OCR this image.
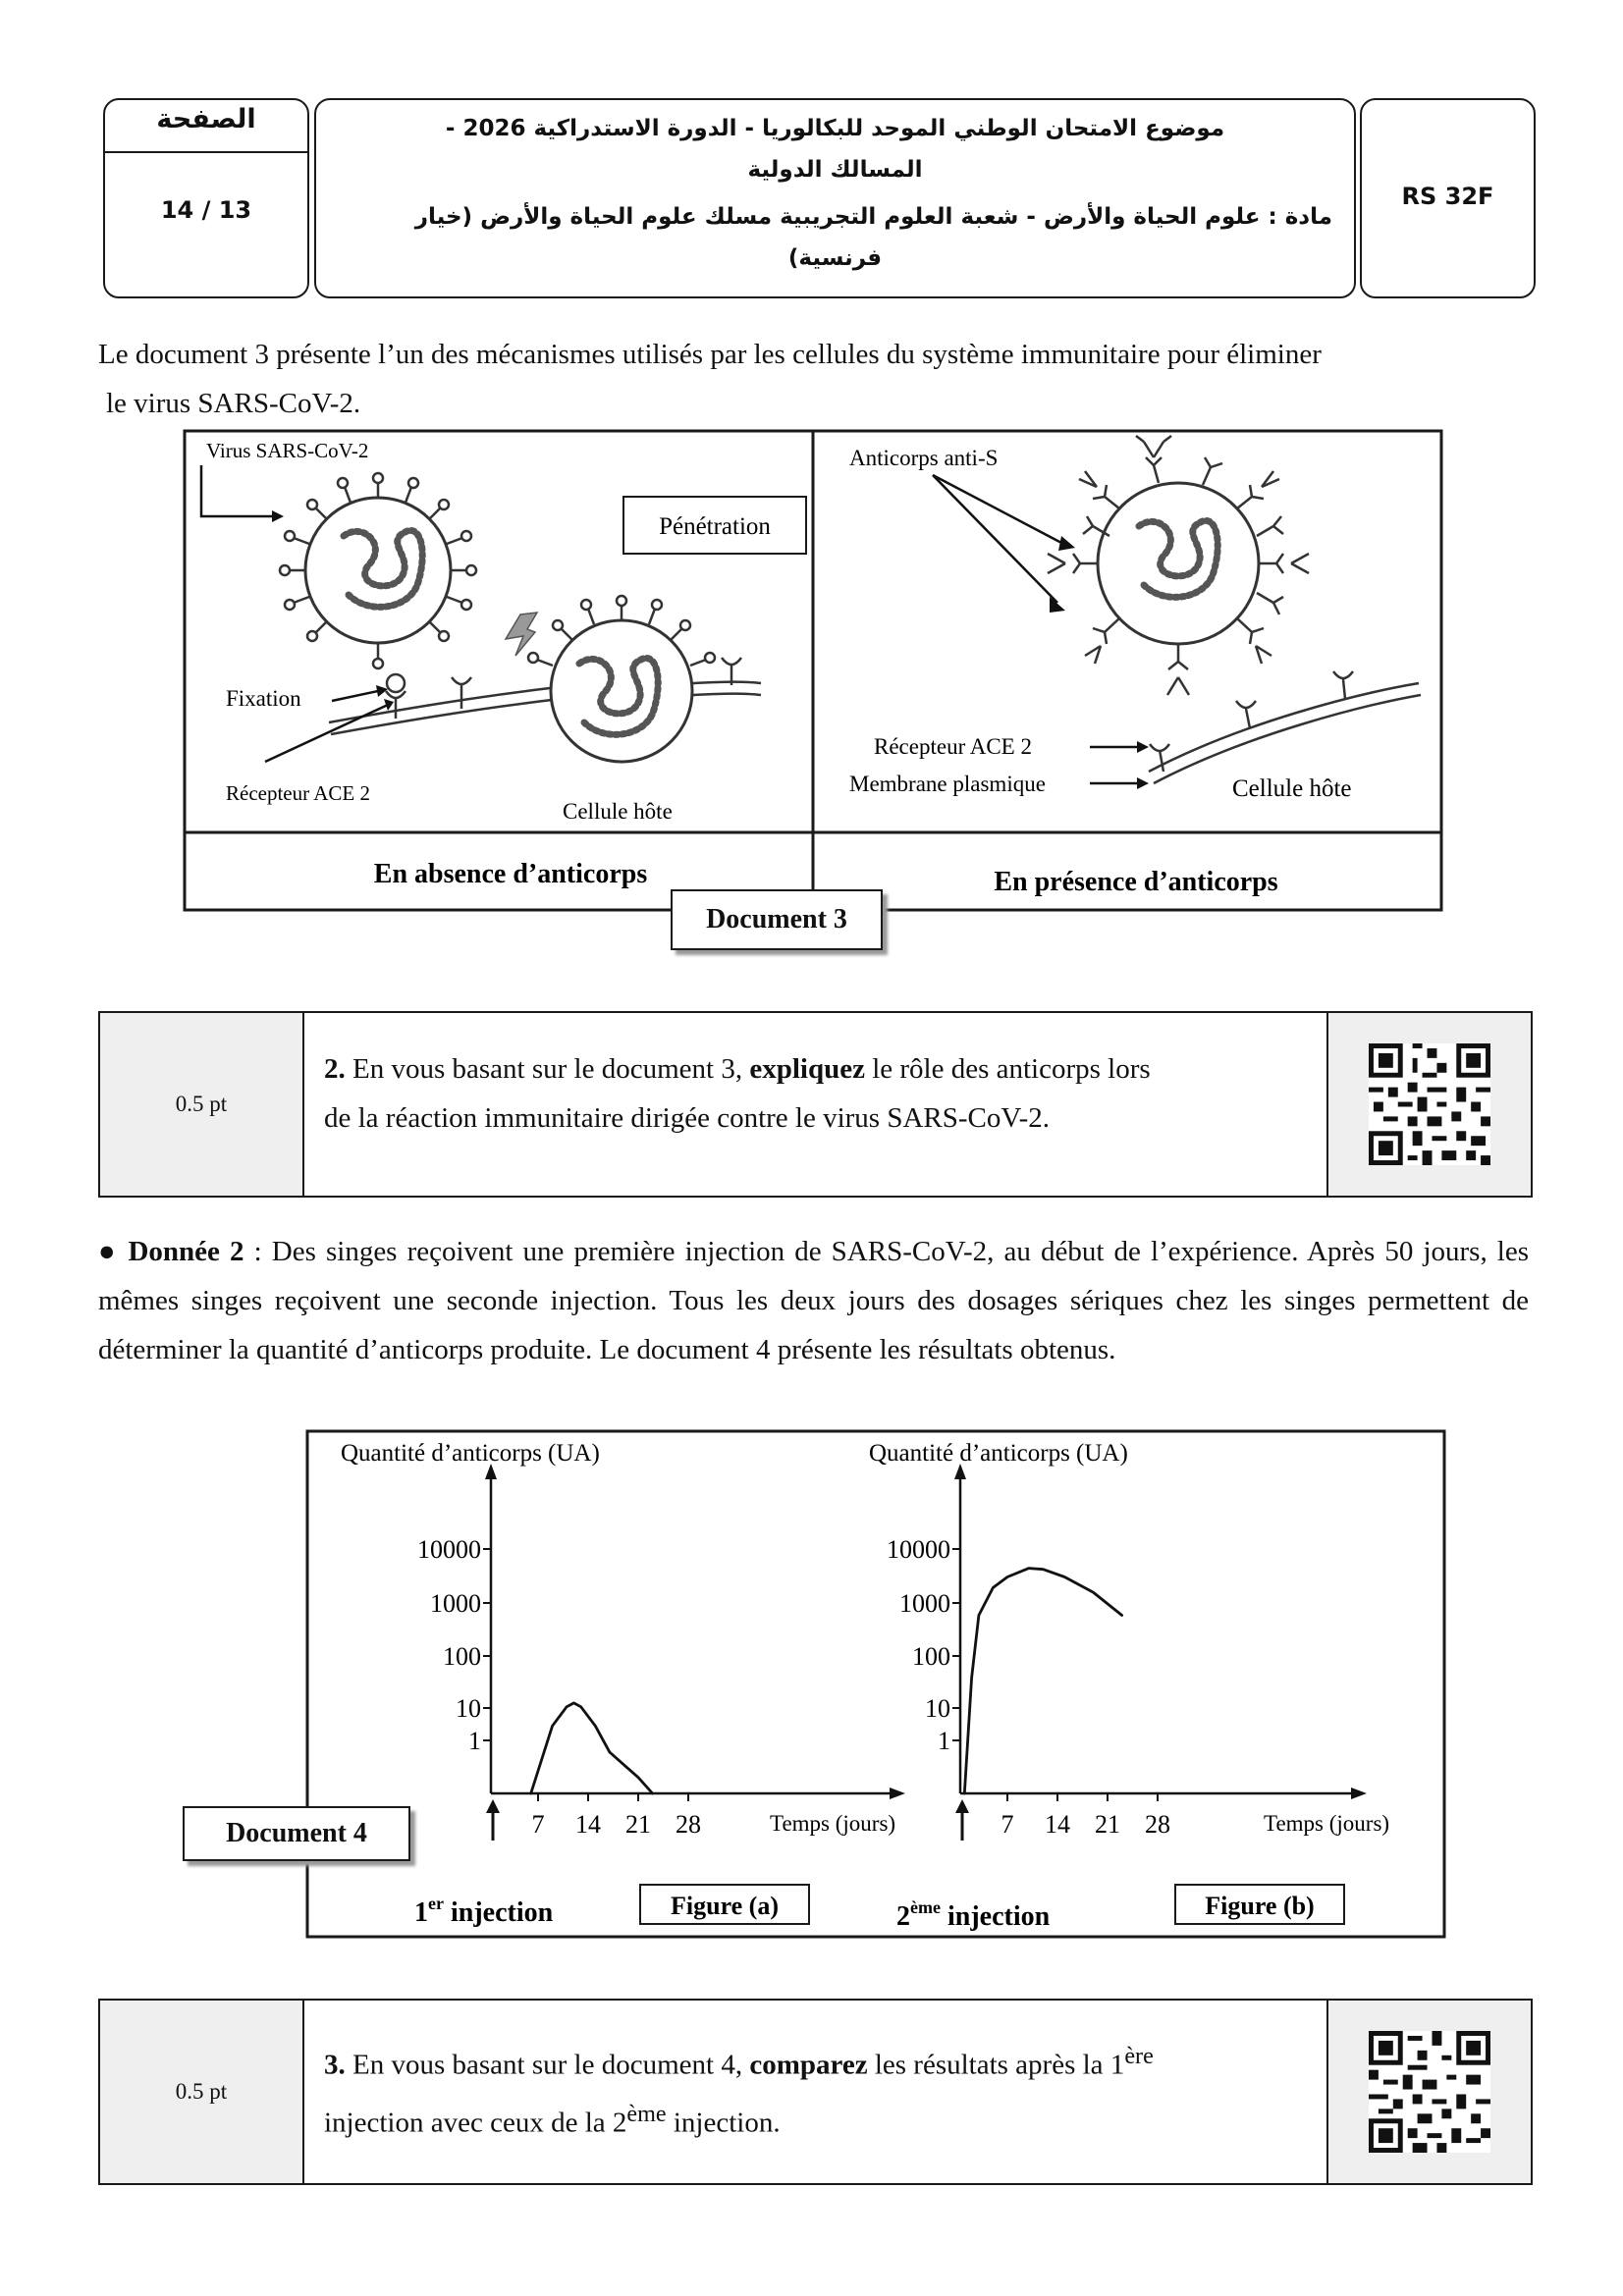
الصفحة
14 / 13
موضوع الامتحان الوطني الموحد للبكالوريا - الدورة الاستدراكية 2026 -
المسالك الدولية
مادة : علوم الحياة والأرض - شعبة العلوم التجريبية مسلك علوم الحياة والأرض (خيار
فرنسية)
RS 32F
Le document 3 présente l’un des mécanismes utilisés par les cellules du système immunitaire pour éliminer
le virus SARS-CoV-2.
Virus SARS-CoV-2
Pénétration
Fixation
Récepteur ACE 2
Cellule hôte
En absence d’anticorps
Anticorps anti-S
Récepteur ACE 2
Membrane plasmique	Cellule hôte
En présence d’anticorps
Document 3
0.5 pt
2. En vous basant sur le document 3, expliquez le rôle des anticorps lors
de la réaction immunitaire dirigée contre le virus SARS-CoV-2.
● Donnée 2 : Des singes reçoivent une première injection de SARS-CoV-2, au début de l’expérience. Après 50 jours, les mêmes singes reçoivent une seconde injection. Tous les deux jours des dosages sériques chez les singes permettent de déterminer la quantité d’anticorps produite. Le document 4 présente les résultats obtenus.
1
10
100
1000
10000
7 14 21 28
Quantité d’anticorps (UA)
Temps (jours)
1
10
100
1000
10000
7 14 21 28
Quantité d’anticorps (UA)
Temps (jours)
1er injection	Figure (a)	2ème injection	Figure (b)
Document 4
0.5 pt
3. En vous basant sur le document 4, comparez les résultats après la 1ère
injection avec ceux de la 2ème injection.
